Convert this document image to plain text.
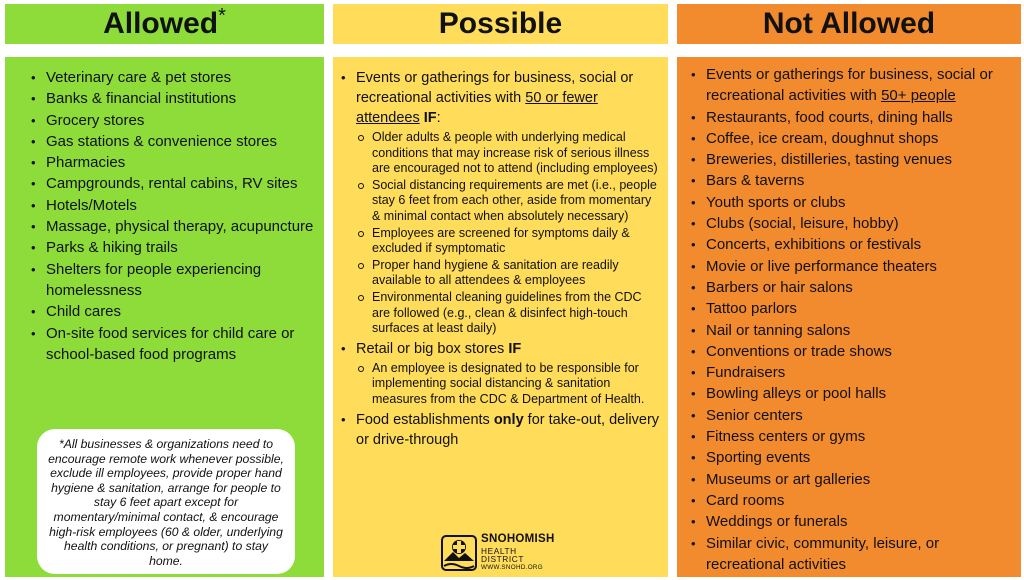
Allowed *	Possible	Not Allowed
• Veterinary care & pet stores
• Banks & financial institutions
• Grocery stores
• Gas stations & convenience stores
• Pharmacies
• Campgrounds, rental cabins, RV sites
• Hotels/Motels
• Massage, physical therapy, acupuncture
• Parks & hiking trails
• Shelters for people experiencing homelessness
• Child cares
• On-site food services for child care or school-based food programs
*All businesses & organizations need to encourage remote work whenever possible, exclude ill employees, provide proper hand hygiene & sanitation, arrange for people to stay 6 feet apart except for momentary/minimal contact, & encourage high-risk employees (60 & older, underlying health conditions, or pregnant) to stay home.
• Events or gatherings for business, social or recreational activities with 50 or fewer attendees IF:
Older adults & people with underlying medical conditions that may increase risk of serious illness are encouraged not to attend (including employees)
Social distancing requirements are met (i.e., people stay 6 feet from each other, aside from momentary & minimal contact when absolutely necessary)
Employees are screened for symptoms daily & excluded if symptomatic
Proper hand hygiene & sanitation are readily available to all attendees & employees
Environmental cleaning guidelines from the CDC are followed (e.g., clean & disinfect high-touch surfaces at least daily)
• Retail or big box stores IF
An employee is designated to be responsible for implementing social distancing & sanitation measures from the CDC & Department of Health.
• Food establishments only for take-out, delivery or drive-through
SNOHOMISH
HEALTH DISTRICT
WWW.SNOHD.ORG
• Events or gatherings for business, social or recreational activities with 50+ people
• Restaurants, food courts, dining halls
• Coffee, ice cream, doughnut shops
• Breweries, distilleries, tasting venues
• Bars & taverns
• Youth sports or clubs
• Clubs (social, leisure, hobby)
• Concerts, exhibitions or festivals
• Movie or live performance theaters
• Barbers or hair salons
• Tattoo parlors
• Nail or tanning salons
• Conventions or trade shows
• Fundraisers
• Bowling alleys or pool halls
• Senior centers
• Fitness centers or gyms
• Sporting events
• Museums or art galleries
• Card rooms
• Weddings or funerals
• Similar civic, community, leisure, or recreational activities
